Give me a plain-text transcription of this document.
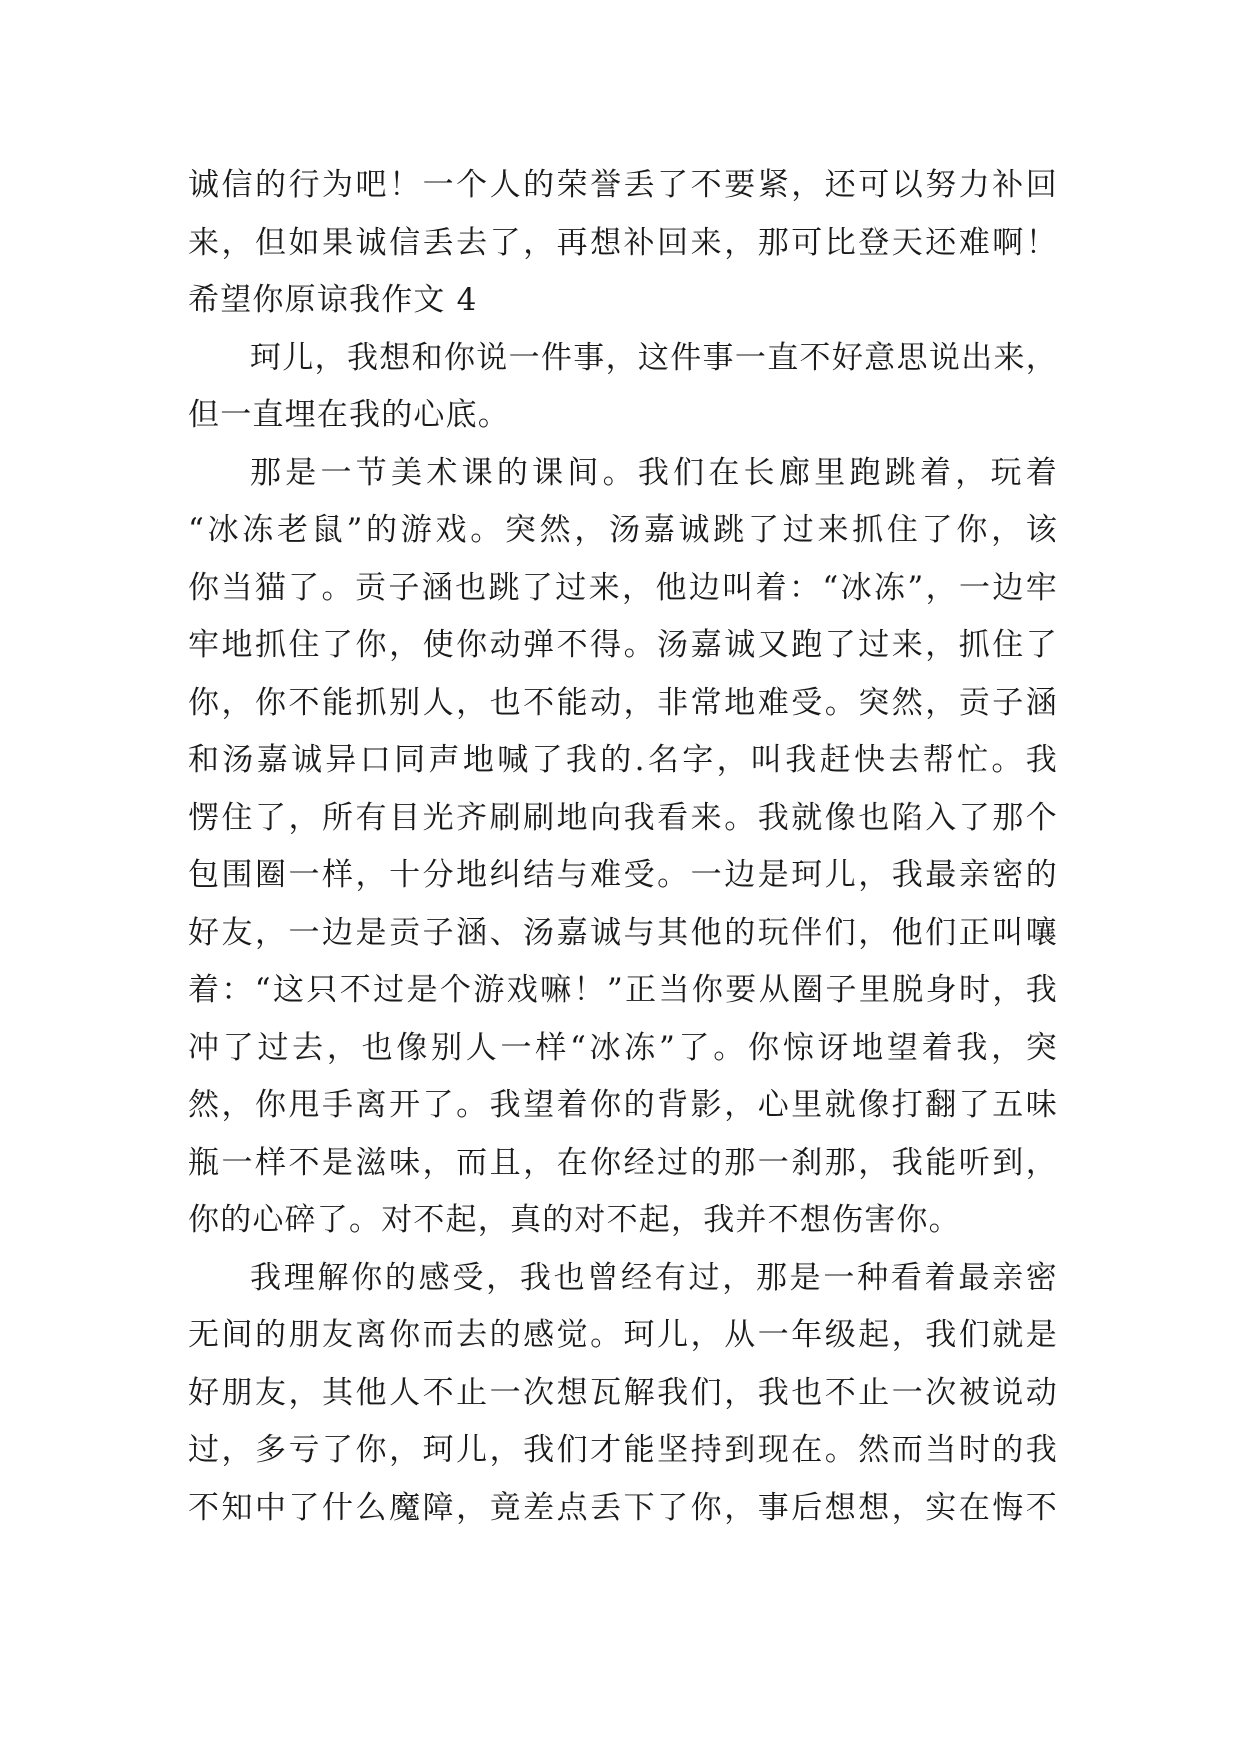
诚信的行为吧！一个人的荣誉丢了不要紧，还可以努力补回
来，但如果诚信丢去了，再想补回来，那可比登天还难啊！
希望你原谅我作文 4
珂儿，我想和你说一件事，这件事一直不好意思说出来，
但一直埋在我的心底。
那是一节美术课的课间。我们在长廊里跑跳着，玩着
“冰冻老鼠”的游戏。突然，汤嘉诚跳了过来抓住了你，该
你当猫了。贡子涵也跳了过来，他边叫着：“冰冻”，一边牢
牢地抓住了你，使你动弹不得。汤嘉诚又跑了过来，抓住了
你，你不能抓别人，也不能动，非常地难受。突然，贡子涵
和汤嘉诚异口同声地喊了我的.名字，叫我赶快去帮忙。我
愣住了，所有目光齐刷刷地向我看来。我就像也陷入了那个
包围圈一样，十分地纠结与难受。一边是珂儿，我最亲密的
好友，一边是贡子涵、汤嘉诚与其他的玩伴们，他们正叫嚷
着：“这只不过是个游戏嘛！”正当你要从圈子里脱身时，我
冲了过去，也像别人一样“冰冻”了。你惊讶地望着我，突
然，你甩手离开了。我望着你的背影，心里就像打翻了五味
瓶一样不是滋味，而且，在你经过的那一刹那，我能听到，
你的心碎了。对不起，真的对不起，我并不想伤害你。
我理解你的感受，我也曾经有过，那是一种看着最亲密
无间的朋友离你而去的感觉。珂儿，从一年级起，我们就是
好朋友，其他人不止一次想瓦解我们，我也不止一次被说动
过，多亏了你，珂儿，我们才能坚持到现在。然而当时的我
不知中了什么魔障，竟差点丢下了你，事后想想，实在悔不
